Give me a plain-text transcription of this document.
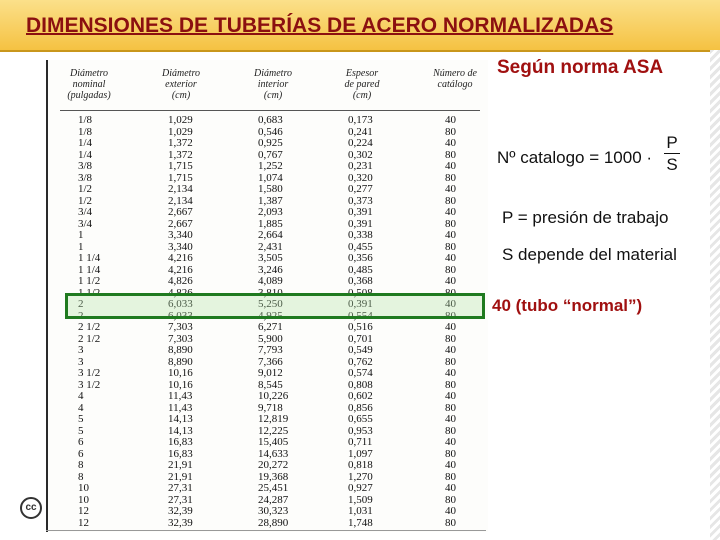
DIMENSIONES DE TUBERÍAS DE ACERO NORMALIZADAS
cc
Diámetro
nominal
(pulgadas)
Diámetro
exterior
(cm)
Diámetro
interior
(cm)
Espesor
de pared
(cm)
Número de
catálogo
1/8	1,029	0,683	0,173	40
1/8	1,029	0,546	0,241	80
1/4	1,372	0,925	0,224	40
1/4	1,372	0,767	0,302	80
3/8	1,715	1,252	0,231	40
3/8	1,715	1,074	0,320	80
1/2	2,134	1,580	0,277	40
1/2	2,134	1,387	0,373	80
3/4	2,667	2,093	0,391	40
3/4	2,667	1,885	0,391	80
1	3,340	2,664	0,338	40
1	3,340	2,431	0,455	80
1 1/4	4,216	3,505	0,356	40
1 1/4	4,216	3,246	0,485	80
1 1/2	4,826	4,089	0,368	40
1 1/2	4,826	3,810	0,508	80
2	6,033	5,250	0,391	40
2	6,033	4,925	0,554	80
2 1/2	7,303	6,271	0,516	40
2 1/2	7,303	5,900	0,701	80
3	8,890	7,793	0,549	40
3	8,890	7,366	0,762	80
3 1/2	10,16	9,012	0,574	40
3 1/2	10,16	8,545	0,808	80
4	11,43	10,226	0,602	40
4	11,43	9,718	0,856	80
5	14,13	12,819	0,655	40
5	14,13	12,225	0,953	80
6	16,83	15,405	0,711	40
6	16,83	14,633	1,097	80
8	21,91	20,272	0,818	40
8	21,91	19,368	1,270	80
10	27,31	25,451	0,927	40
10	27,31	24,287	1,509	80
12	32,39	30,323	1,031	40
12	32,39	28,890	1,748	80
Según norma ASA
Nº catalogo = 1000 ·
P
S
P = presión de trabajo
S depende del material
40 (tubo “normal”)
